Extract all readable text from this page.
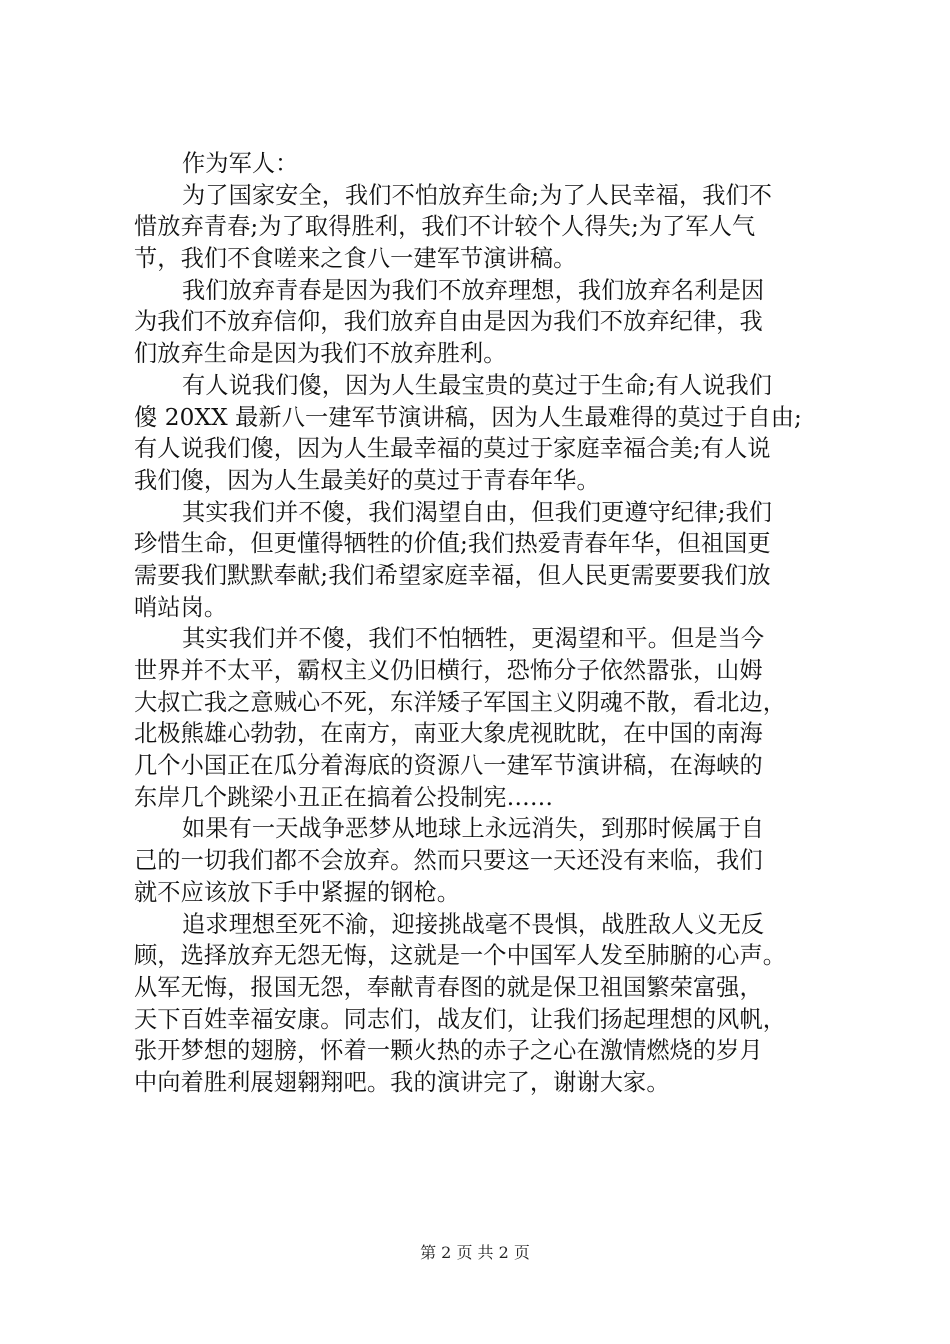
作为军人：
为了国家安全，我们不怕放弃生命;为了人民幸福，我们不
惜放弃青春;为了取得胜利，我们不计较个人得失;为了军人气
节，我们不食嗟来之食八一建军节演讲稿。
我们放弃青春是因为我们不放弃理想，我们放弃名利是因
为我们不放弃信仰，我们放弃自由是因为我们不放弃纪律，我
们放弃生命是因为我们不放弃胜利。
有人说我们傻，因为人生最宝贵的莫过于生命;有人说我们
傻 20XX 最新八一建军节演讲稿，因为人生最难得的莫过于自由;
有人说我们傻，因为人生最幸福的莫过于家庭幸福合美;有人说
我们傻，因为人生最美好的莫过于青春年华。
其实我们并不傻，我们渴望自由，但我们更遵守纪律;我们
珍惜生命，但更懂得牺牲的价值;我们热爱青春年华，但祖国更
需要我们默默奉献;我们希望家庭幸福，但人民更需要要我们放
哨站岗。
其实我们并不傻，我们不怕牺牲，更渴望和平。但是当今
世界并不太平，霸权主义仍旧横行，恐怖分子依然嚣张，山姆
大叔亡我之意贼心不死，东洋矮子军国主义阴魂不散，看北边，
北极熊雄心勃勃，在南方，南亚大象虎视眈眈，在中国的南海
几个小国正在瓜分着海底的资源八一建军节演讲稿，在海峡的
东岸几个跳梁小丑正在搞着公投制宪……
如果有一天战争恶梦从地球上永远消失，到那时候属于自
己的一切我们都不会放弃。然而只要这一天还没有来临，我们
就不应该放下手中紧握的钢枪。
追求理想至死不渝，迎接挑战毫不畏惧，战胜敌人义无反
顾，选择放弃无怨无悔，这就是一个中国军人发至肺腑的心声。
从军无悔，报国无怨，奉献青春图的就是保卫祖国繁荣富强，
天下百姓幸福安康。同志们，战友们，让我们扬起理想的风帆，
张开梦想的翅膀，怀着一颗火热的赤子之心在激情燃烧的岁月
中向着胜利展翅翱翔吧。我的演讲完了，谢谢大家。
第 2 页 共 2 页
